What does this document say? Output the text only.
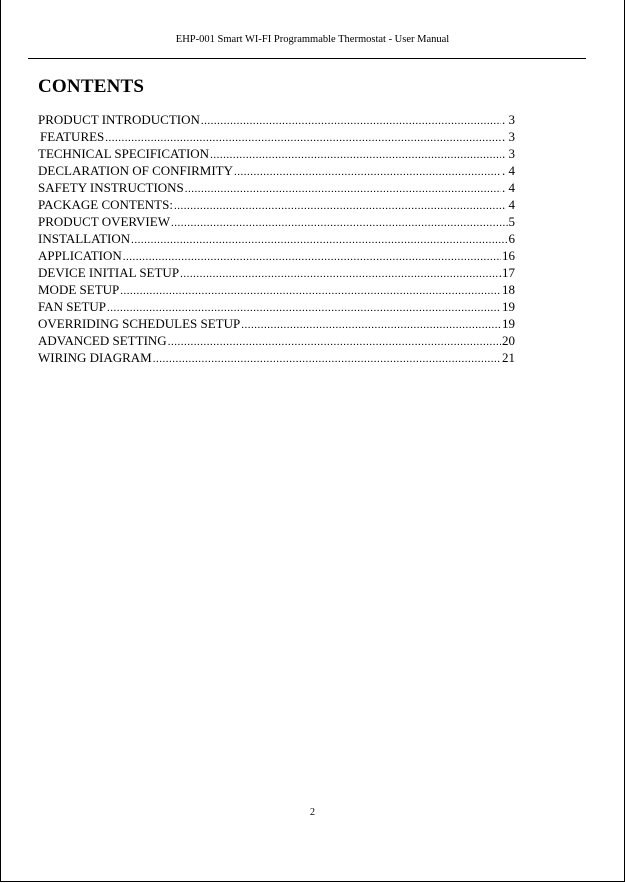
EHP-001 Smart WI-FI Programmable Thermostat - User Manual
CONTENTS
PRODUCT INTRODUCTION .....	. 3
FEATURES .....	. 3
TECHNICAL SPECIFICATION .....	. 3
DECLARATION OF CONFIRMITY .....	. 4
SAFETY INSTRUCTIONS .....	. 4
PACKAGE CONTENTS: .....	. 4
PRODUCT OVERVIEW .....	5
INSTALLATION .....	6
APPLICATION .....	16
DEVICE INITIAL SETUP .....	.17
MODE SETUP .....	18
FAN SETUP .....	19
OVERRIDING SCHEDULES SETUP .....	19
ADVANCED SETTING .....	20
WIRING DIAGRAM .....	21
2
